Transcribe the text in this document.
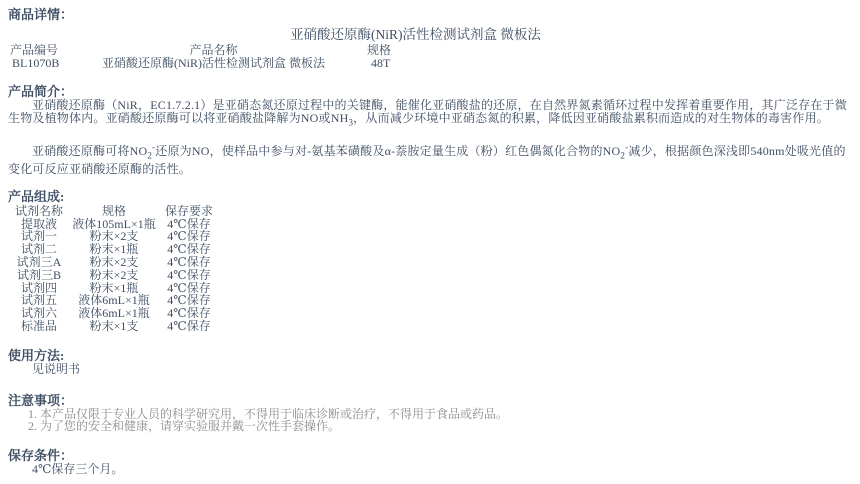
商品详情：
亚硝酸还原酶(NiR)活性检测试剂盒 微板法
产品编号	产品名称	规格
BL1070B	亚硝酸还原酶(NiR)活性检测试剂盒 微板法	48T
产品简介：

亚硝酸还原酶（NiR，EC1.7.2.1）是亚硝态氮还原过程中的关键酶，能催化亚硝酸盐的还原，在自然界氮素循环过程中发挥着重要作用，其广泛存在于微生物及植物体内。亚硝酸还原酶可以将亚硝酸盐降解为NO或$NH_3$，从而减少环境中亚硝态氮的积累，降低因亚硝酸盐累积而造成的对生物体的毒害作用。

亚硝酸还原酶可将$NO_2^-$还原为NO，使样品中参与对-氨基苯磺酸及α-萘胺定量生成（粉）红色偶氮化合物的$NO_2^-$减少，根据颜色深浅即540nm处吸光值的变化可反应亚硝酸还原酶的活性。

产品组成:
试剂名称	规格	保存要求
提取液	液体105mL×1瓶 4℃保存
试剂一	粉末×2支	4℃保存
试剂二	粉末×1瓶	4℃保存
试剂三A	粉末×2支	4℃保存
试剂三B	粉末×2支	4℃保存
试剂四	粉末×1瓶	4℃保存
试剂五	液体6mL×1瓶	4℃保存
试剂六	液体6mL×1瓶	4℃保存
标准品	粉末×1支	4℃保存
使用方法:
见说明书
注意事项：
1. 本产品仅限于专业人员的科学研究用，不得用于临床诊断或治疗，不得用于食品或药品。
2. 为了您的安全和健康，请穿实验服并戴一次性手套操作。
保存条件：
4℃保存三个月。
